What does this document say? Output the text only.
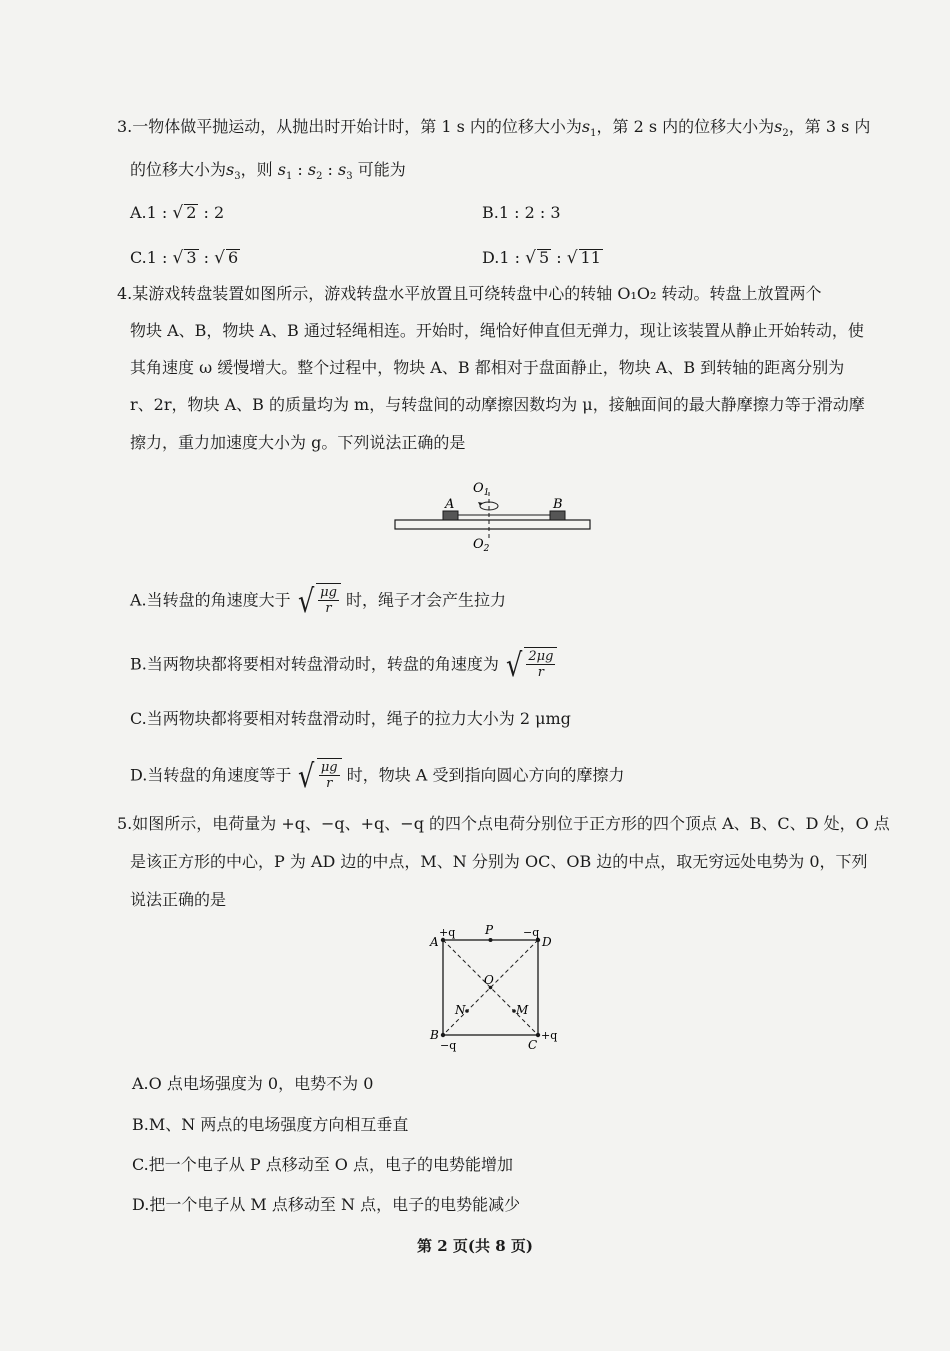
3.一物体做平抛运动，从抛出时开始计时，第 1 s 内的位移大小为$s_1$，第 2 s 内的位移大小为$s_2$，第 3 s 内
的位移大小为$s_3$，则 $s_1$ : $s_2$ : $s_3$ 可能为
A.1 : √ 2 : 2	B.1 : 2 : 3
C.1 : √ 3 : √ 6	D.1 : √ 5 : √ 11
4.某游戏转盘装置如图所示，游戏转盘水平放置且可绕转盘中心的转轴 O₁O₂ 转动。转盘上放置两个
物块 A、B，物块 A、B 通过轻绳相连。开始时，绳恰好伸直但无弹力，现让该装置从静止开始转动，使
其角速度 ω 缓慢增大。整个过程中，物块 A、B 都相对于盘面静止，物块 A、B 到转轴的距离分别为
r、2r，物块 A、B 的质量均为 m，与转盘间的动摩擦因数均为 μ，接触面间的最大静摩擦力等于滑动摩
擦力，重力加速度大小为 g。下列说法正确的是
$O_1$
A	B
$O_2$
A.当转盘的角速度大于 √ $\frac{\mu g}{r}$ 时，绳子才会产生拉力
B.当两物块都将要相对转盘滑动时，转盘的角速度为 √ $\frac{2\mu g}{r}$
C.当两物块都将要相对转盘滑动时，绳子的拉力大小为 2 μmg
D.当转盘的角速度等于 √ $\frac{\mu g}{r}$ 时，物块 A 受到指向圆心方向的摩擦力
5.如图所示，电荷量为 +q、−q、+q、−q 的四个点电荷分别位于正方形的四个顶点 A、B、C、D 处，O 点
是该正方形的中心，P 为 AD 边的中点，M、N 分别为 OC、OB 边的中点，取无穷远处电势为 0，下列
说法正确的是
+q
A
P	−q
D
O
N	M
B
−q	C
+q
A.O 点电场强度为 0，电势不为 0
B.M、N 两点的电场强度方向相互垂直
C.把一个电子从 P 点移动至 O 点，电子的电势能增加
D.把一个电子从 M 点移动至 N 点，电子的电势能减少
第 2 页(共 8 页)
